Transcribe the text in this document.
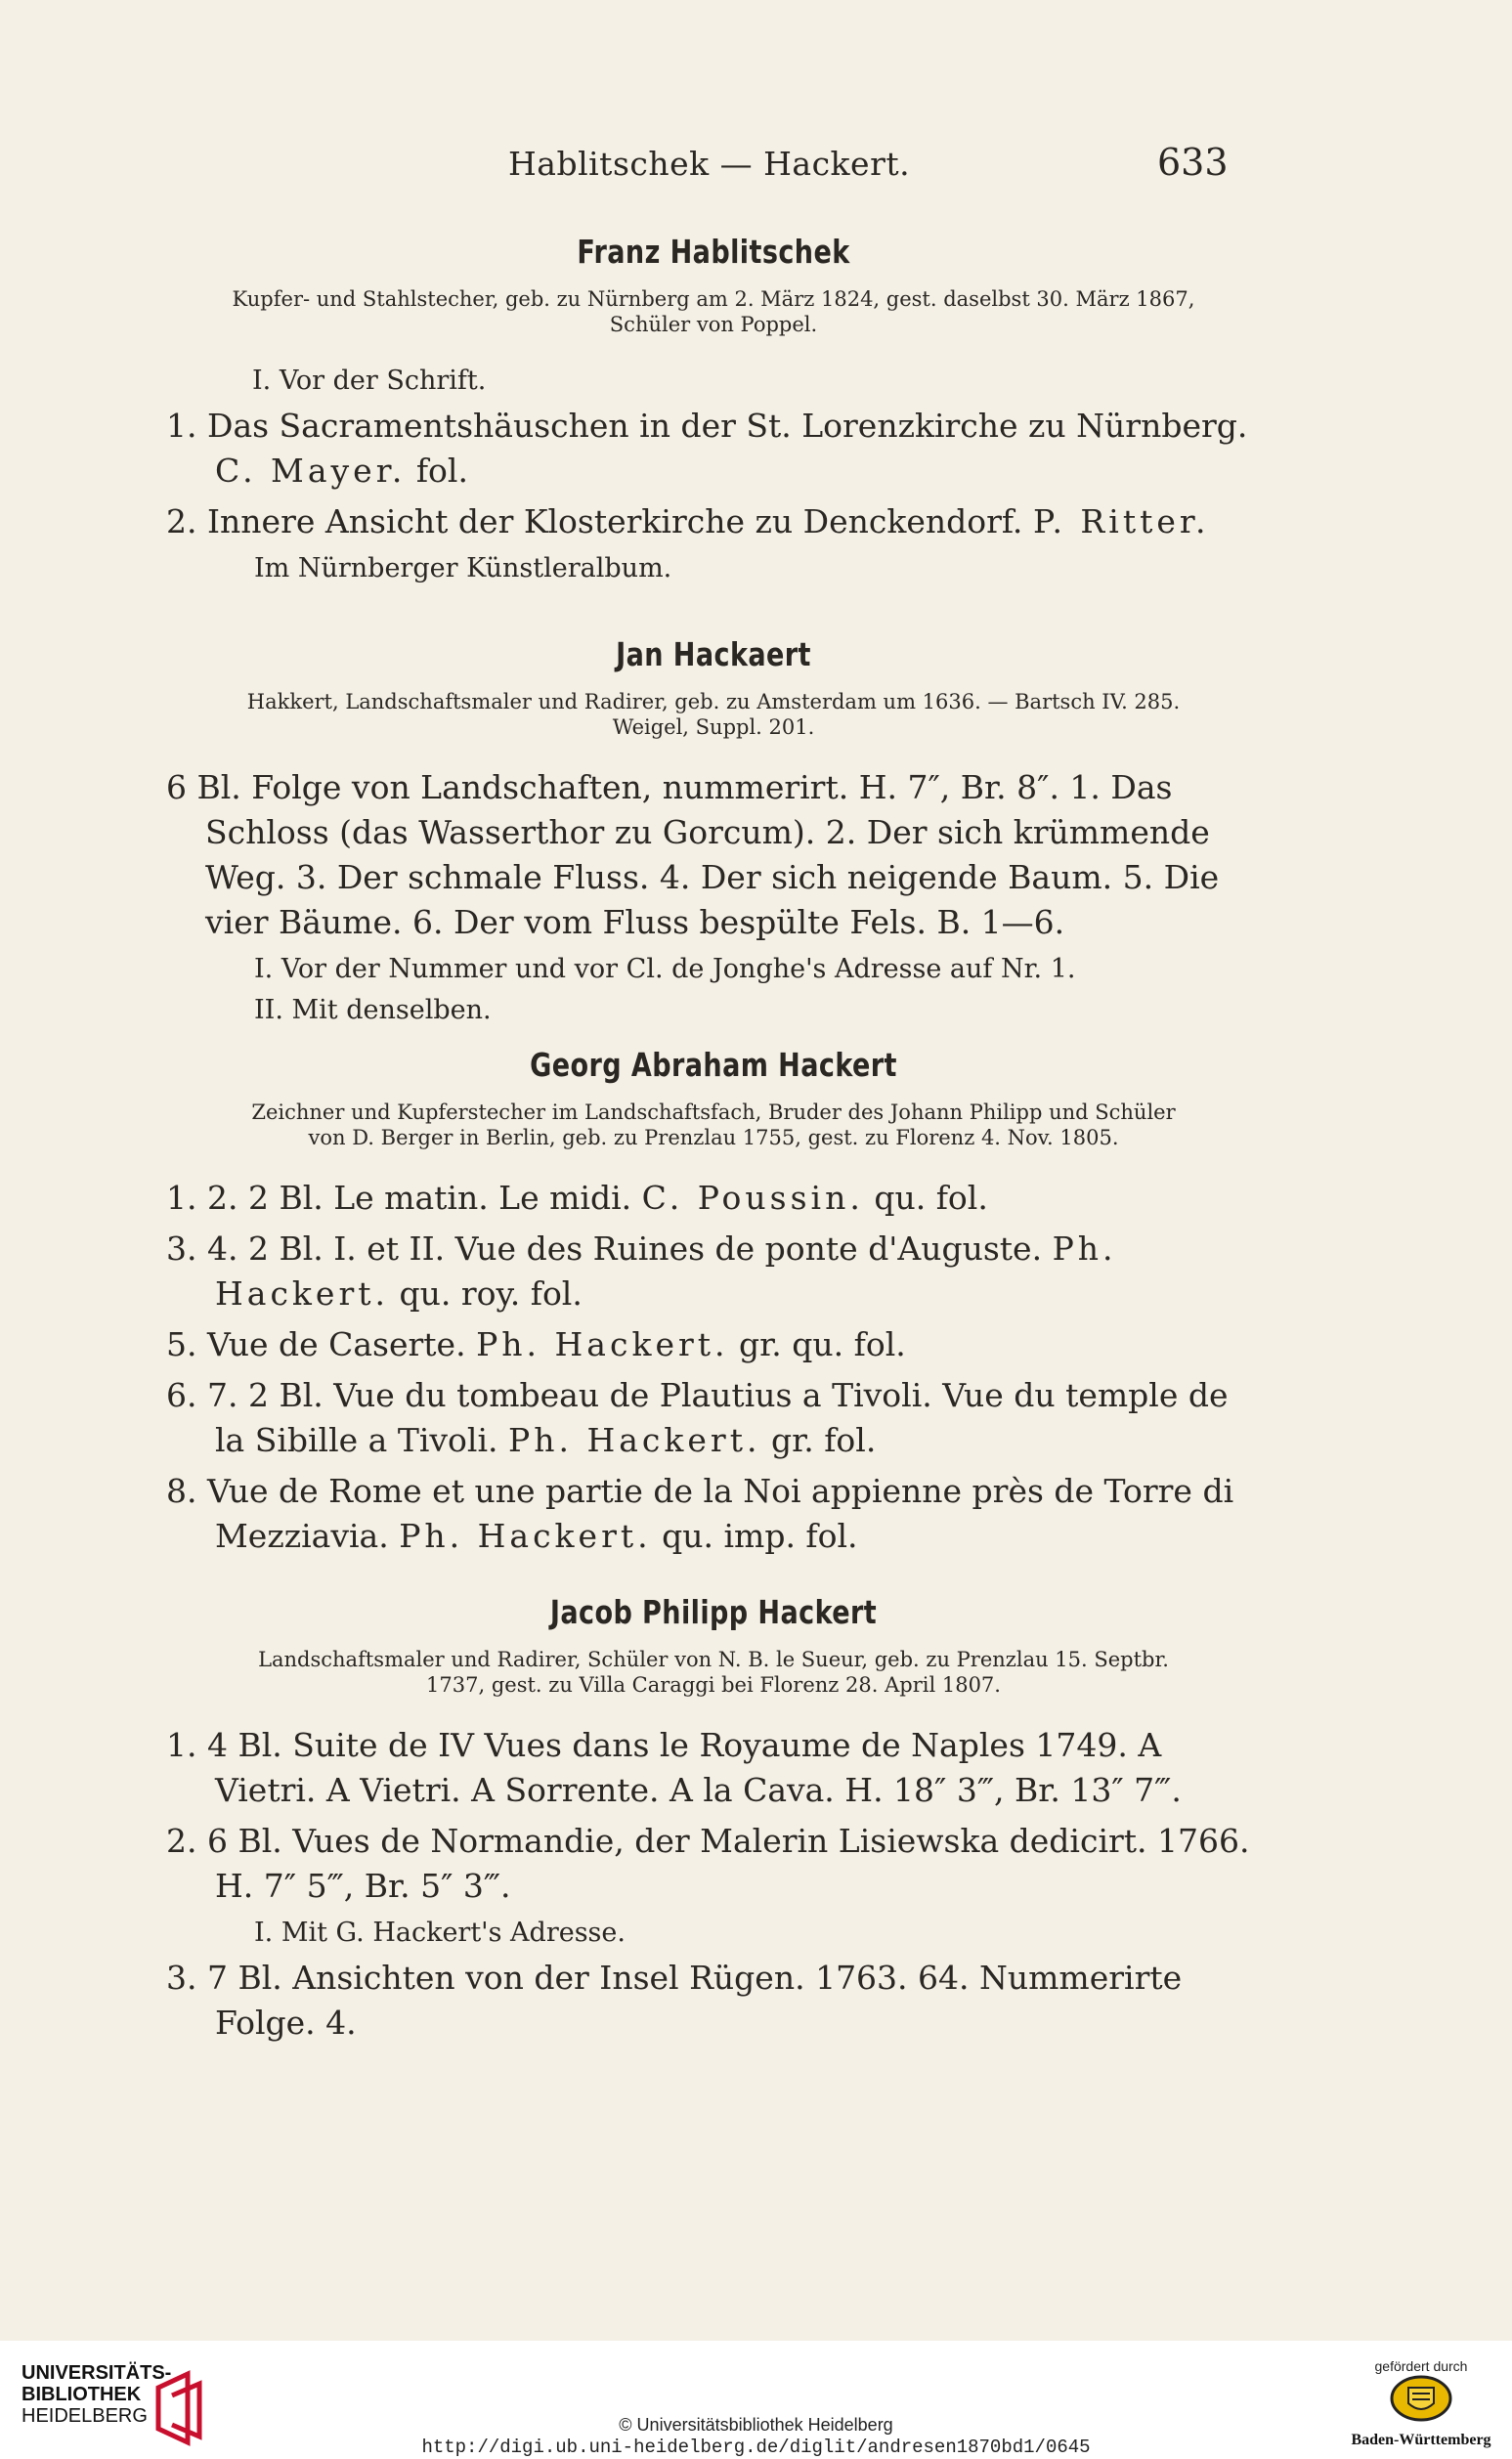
Hablitschek — Hackert.	633
Franz Hablitschek
Kupfer- und Stahlstecher, geb. zu Nürnberg am 2. März 1824, gest. daselbst 30. März 1867,
Schüler von Poppel.
I. Vor der Schrift.
1. Das Sacramentshäuschen in der St. Lorenzkirche zu Nürnberg. C. Mayer. fol.
2. Innere Ansicht der Klosterkirche zu Denckendorf. P. Ritter.
Im Nürnberger Künstleralbum.
Jan Hackaert
Hakkert, Landschaftsmaler und Radirer, geb. zu Amsterdam um 1636. — Bartsch IV. 285.
Weigel, Suppl. 201.
6 Bl. Folge von Landschaften, nummerirt. H. 7″, Br. 8″. 1. Das Schloss (das Wasserthor zu Gorcum). 2. Der sich krümmende Weg. 3. Der schmale Fluss. 4. Der sich neigende Baum. 5. Die vier Bäume. 6. Der vom Fluss bespülte Fels. B. 1—6.
I. Vor der Nummer und vor Cl. de Jonghe's Adresse auf Nr. 1.
II. Mit denselben.
Georg Abraham Hackert
Zeichner und Kupferstecher im Landschaftsfach, Bruder des Johann Philipp und Schüler
von D. Berger in Berlin, geb. zu Prenzlau 1755, gest. zu Florenz 4. Nov. 1805.
1. 2. 2 Bl. Le matin. Le midi. C. Poussin. qu. fol.
3. 4. 2 Bl. I. et II. Vue des Ruines de ponte d'Auguste. Ph. Hackert. qu. roy. fol.
5. Vue de Caserte. Ph. Hackert. gr. qu. fol.
6. 7. 2 Bl. Vue du tombeau de Plautius a Tivoli. Vue du temple de la Sibille a Tivoli. Ph. Hackert. gr. fol.
8. Vue de Rome et une partie de la Noi appienne près de Torre di Mezziavia. Ph. Hackert. qu. imp. fol.
Jacob Philipp Hackert
Landschaftsmaler und Radirer, Schüler von N. B. le Sueur, geb. zu Prenzlau 15. Septbr.
1737, gest. zu Villa Caraggi bei Florenz 28. April 1807.
1. 4 Bl. Suite de IV Vues dans le Royaume de Naples 1749. A Vietri. A Vietri. A Sorrente. A la Cava. H. 18″ 3‴, Br. 13″ 7‴.
2. 6 Bl. Vues de Normandie, der Malerin Lisiewska dedicirt. 1766. H. 7″ 5‴, Br. 5″ 3‴.
I. Mit G. Hackert's Adresse.
3. 7 Bl. Ansichten von der Insel Rügen. 1763. 64. Nummerirte Folge. 4.
UNIVERSITÄTS-
BIBLIOTHEK
HEIDELBERG	© Universitätsbibliothek Heidelberg
http://digi.ub.uni-heidelberg.de/diglit/andresen1870bd1/0645
gefördert durch
Baden-Württemberg
